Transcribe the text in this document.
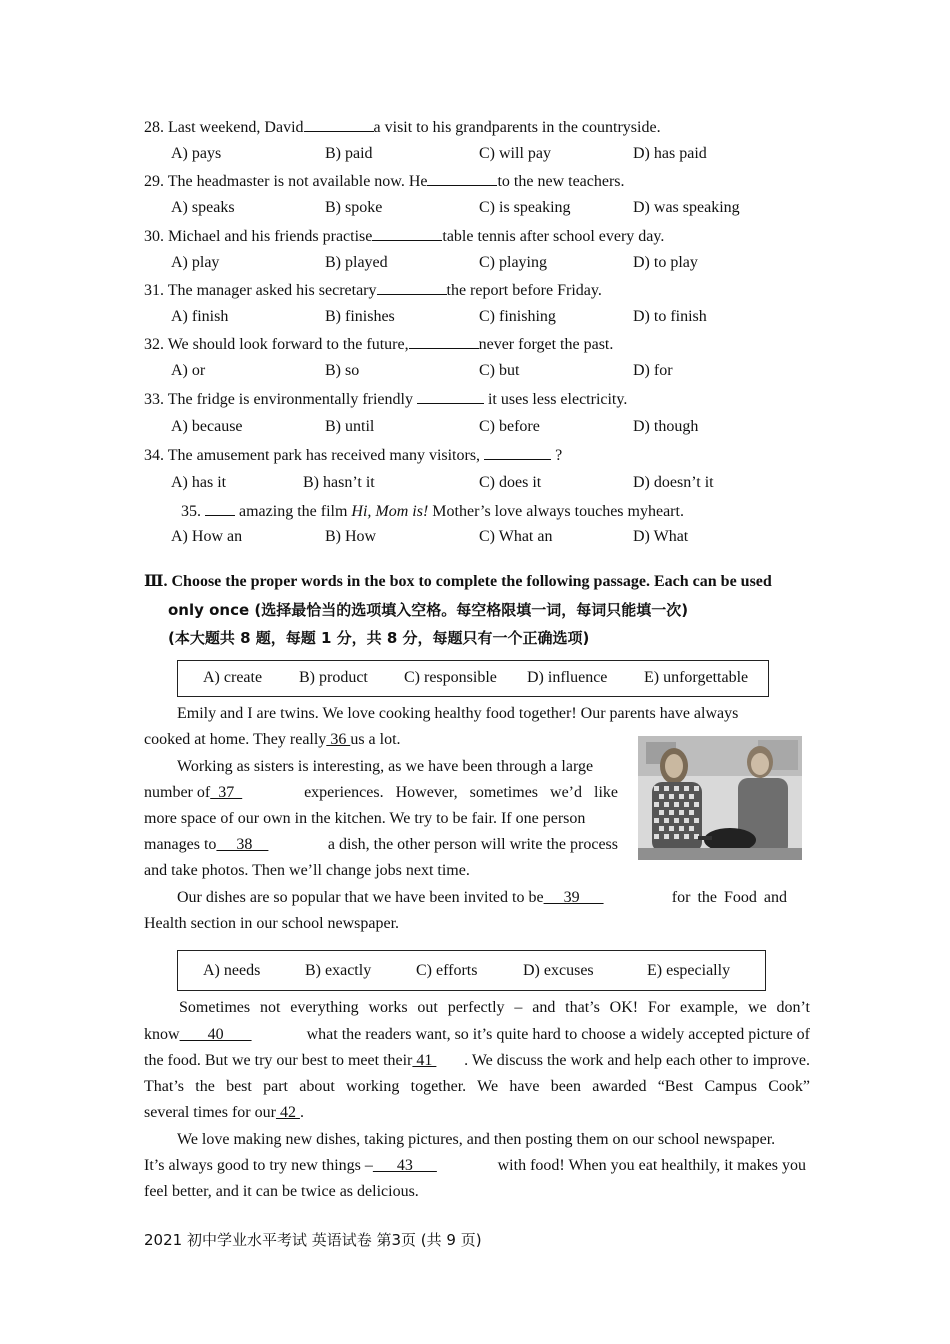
28. Last weekend, David	a visit to his grandparents in the countryside.
A) pays	B) paid	C) will pay	D) has paid
29. The headmaster is not available now. He	to the new teachers.
A) speaks	B) spoke	C) is speaking	D) was speaking
30. Michael and his friends practise	table tennis after school every day.
A) play	B) played	C) playing	D) to play
31. The manager asked his secretary	the report before Friday.
A) finish	B) finishes	C) finishing	D) to finish
32. We should look forward to the future,	never forget the past.
A) or	B) so	C) but	D) for
33. The fridge is environmentally friendly	it uses less electricity.
A) because	B) until	C) before	D) though
34. The amusement park has received many visitors,	?
A) has it	B) hasn’t it	C) does it	D) doesn’t it
35. amazing the film Hi, Mom is! Mother’s love always touches myheart.
A) How an	B) How	C) What an	D) What
Ⅲ. Choose the proper words in the box to complete the following passage. Each can be used
only once (选择最恰当的选项填入空格。每空格限填一词，每词只能填一次)
(本大题共 8 题，每题 1 分，共 8 分，每题只有一个正确选项)
A) create B) product C) responsible D) influence E) unforgettable
Emily and I are twins. We love cooking healthy food together! Our parents have always
cooked at home. They really 36 us a lot.
Working as sisters is interesting, as we have been through a large
number of  37	experiences.   However,   sometimes   we’d   like
more space of our own in the kitchen. We try to be fair. If one person
manages to     38	a dish, the other person will write the process
and take photos. Then we’ll change jobs next time.
Our dishes are so popular that we have been invited to be     39	for the Food and
Health section in our school newspaper.
A) needs	B) exactly	C) efforts	D) excuses	E) especially
Sometimes not everything works out perfectly – and that’s OK! For example, we don’t
know       40	what the readers want, so it’s quite hard to choose a widely accepted picture of
the food. But we try our best to meet their 41 . We discuss the work and help each other to improve.
That’s the best part about working together. We have been awarded “Best Campus Cook”
several times for our 42 .
We love making new dishes, taking pictures, and then posting them on our school newspaper.
It’s always good to try new things –      43	with food! When you eat healthily, it makes you
feel better, and it can be twice as delicious.
2021 初中学业水平考试 英语试卷 第3页 (共 9 页)
